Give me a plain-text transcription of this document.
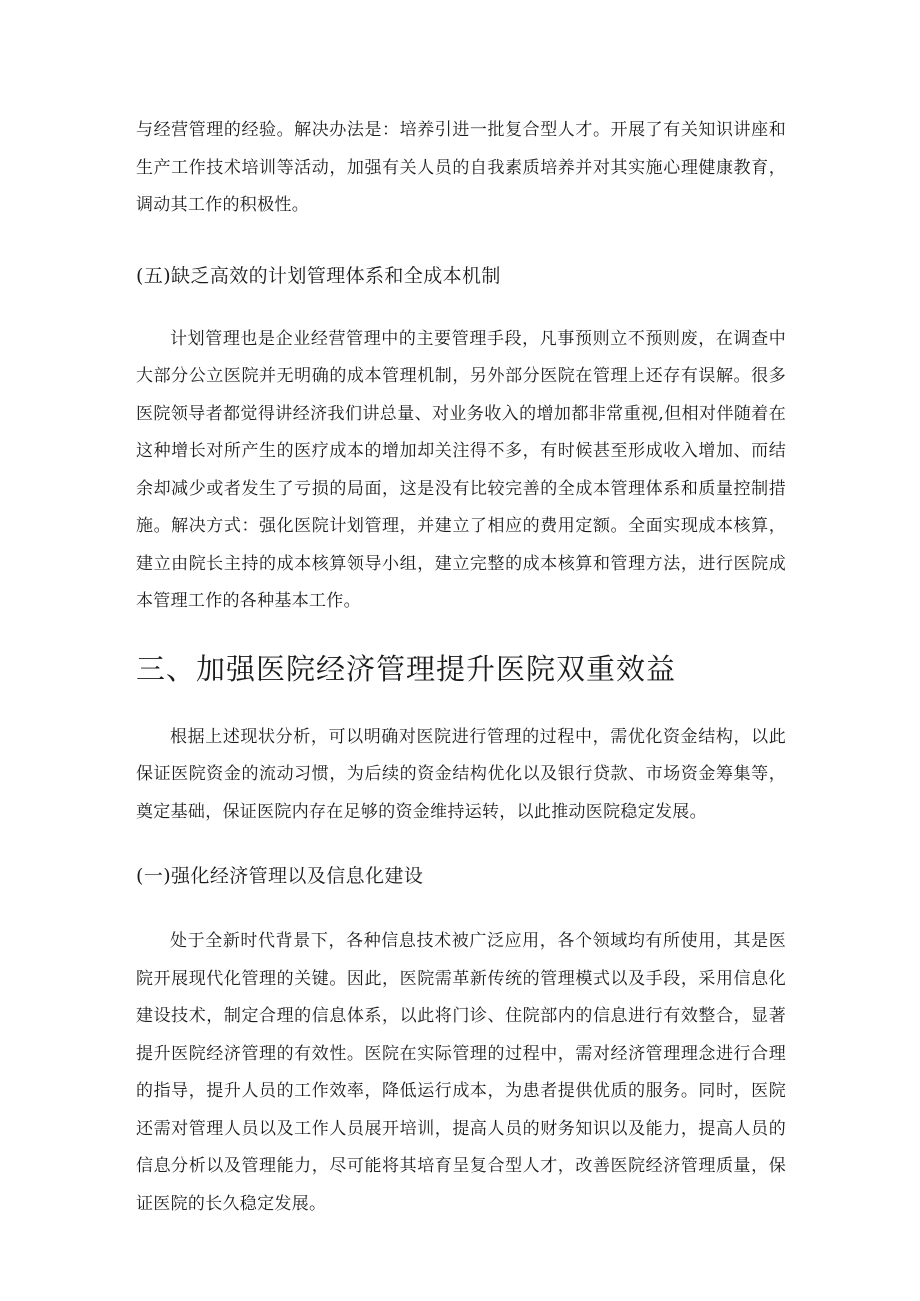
与经营管理的经验。解决办法是：培养引进一批复合型人才。开展了有关知识讲座和生产工作技术培训等活动，加强有关人员的自我素质培养并对其实施心理健康教育，调动其工作的积极性。

(五)缺乏高效的计划管理体系和全成本机制

计划管理也是企业经营管理中的主要管理手段，凡事预则立不预则废，在调查中大部分公立医院并无明确的成本管理机制，另外部分医院在管理上还存有误解。很多医院领导者都觉得讲经济我们讲总量、对业务收入的增加都非常重视,但相对伴随着在这种增长对所产生的医疗成本的增加却关注得不多，有时候甚至形成收入增加、而结余却减少或者发生了亏损的局面，这是没有比较完善的全成本管理体系和质量控制措施。解决方式：强化医院计划管理，并建立了相应的费用定额。全面实现成本核算，建立由院长主持的成本核算领导小组，建立完整的成本核算和管理方法，进行医院成本管理工作的各种基本工作。

三、加强医院经济管理提升医院双重效益

根据上述现状分析，可以明确对医院进行管理的过程中，需优化资金结构，以此保证医院资金的流动习惯，为后续的资金结构优化以及银行贷款、市场资金筹集等，奠定基础，保证医院内存在足够的资金维持运转，以此推动医院稳定发展。

(一)强化经济管理以及信息化建设

处于全新时代背景下，各种信息技术被广泛应用，各个领域均有所使用，其是医院开展现代化管理的关键。因此，医院需革新传统的管理模式以及手段，采用信息化建设技术，制定合理的信息体系，以此将门诊、住院部内的信息进行有效整合，显著提升医院经济管理的有效性。医院在实际管理的过程中，需对经济管理理念进行合理的指导，提升人员的工作效率，降低运行成本，为患者提供优质的服务。同时，医院还需对管理人员以及工作人员展开培训，提高人员的财务知识以及能力，提高人员的信息分析以及管理能力，尽可能将其培育呈复合型人才，改善医院经济管理质量，保证医院的长久稳定发展。
